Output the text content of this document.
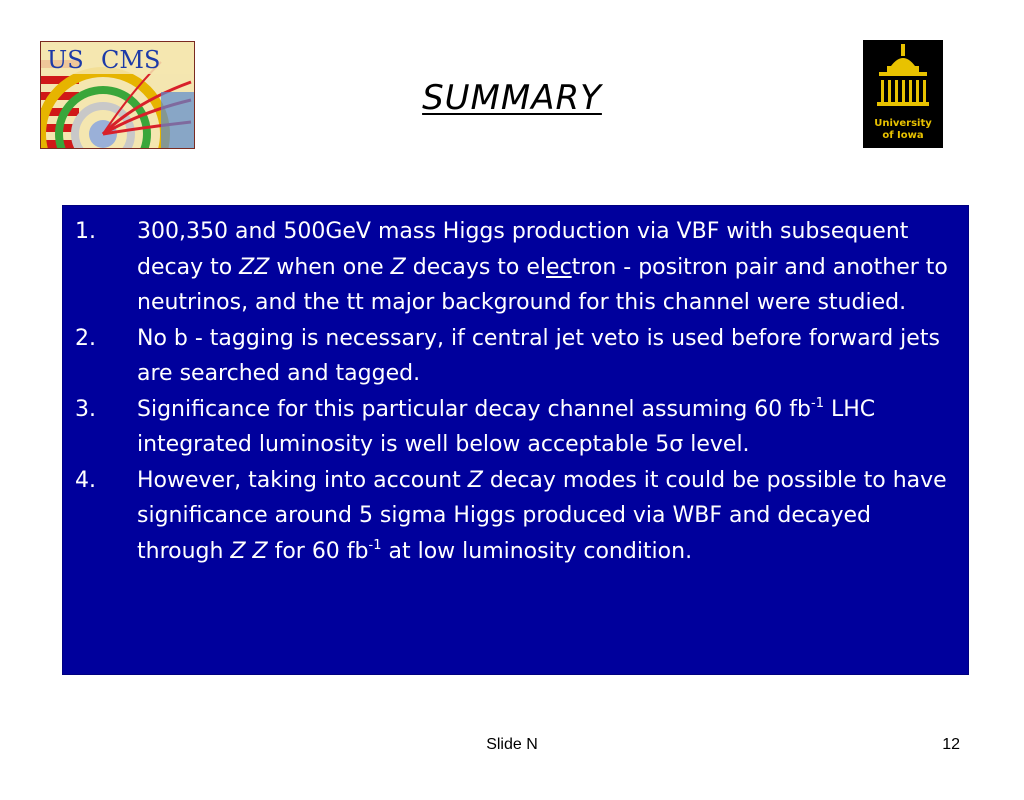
US CMS
SUMMARY
University
of Iowa
1. 300,350 and 500GeV mass Higgs production via VBF with subsequent decay to ZZ when one Z decays to electron - positron pair and another to neutrinos, and the tt major background for this channel were studied.
2. No b - tagging is necessary, if central jet veto is used before forward jets are searched and tagged.
3. Significance for this particular decay channel assuming 60 $fb^{-1}$ LHC integrated luminosity is well below acceptable 5σ level.
4. However, taking into account Z decay modes it could be possible to have significance around 5 sigma Higgs produced via WBF and decayed through Z Z for 60 $fb^{-1}$ at low luminosity condition.
Slide N	12
